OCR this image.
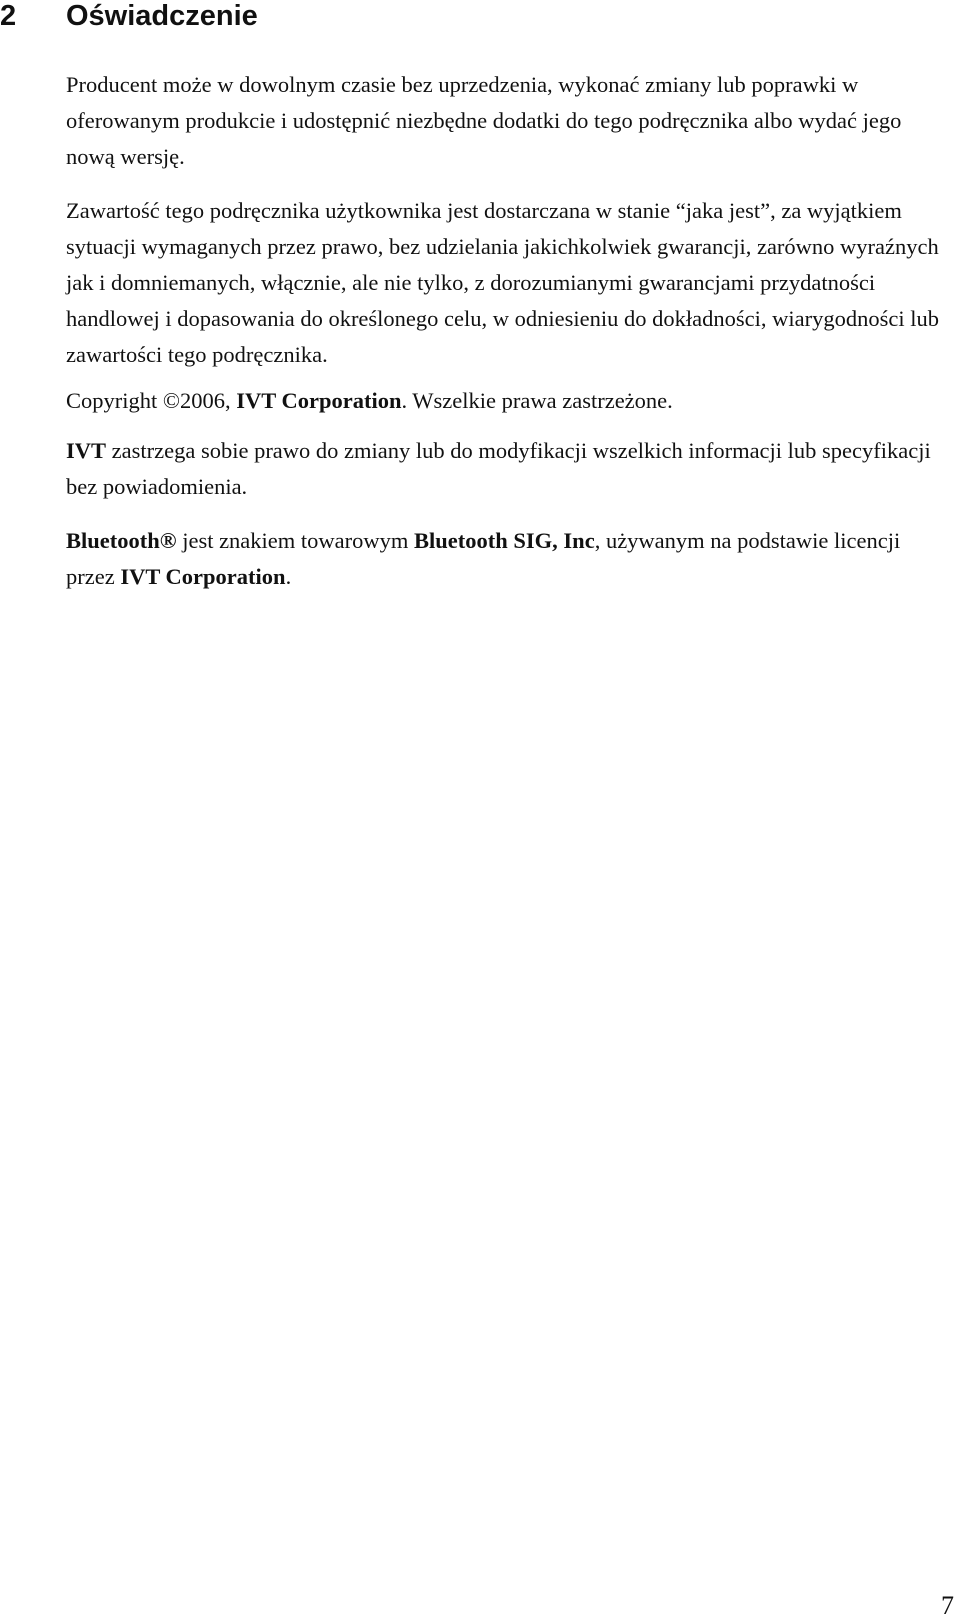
2 Oświadczenie

Producent może w dowolnym czasie bez uprzedzenia, wykonać zmiany lub poprawki w oferowanym produkcie i udostępnić niezbędne dodatki do tego podręcznika albo wydać jego nową wersję.

Zawartość tego podręcznika użytkownika jest dostarczana w stanie “jaka jest”, za wyjątkiem sytuacji wymaganych przez prawo, bez udzielania jakichkolwiek gwarancji, zarówno wyraźnych jak i domniemanych, włącznie, ale nie tylko, z dorozumianymi gwarancjami przydatności handlowej i dopasowania do określonego celu, w odniesieniu do dokładności, wiarygodności lub zawartości tego podręcznika.

Copyright ©2006, IVT Corporation. Wszelkie prawa zastrzeżone.

IVT zastrzega sobie prawo do zmiany lub do modyfikacji wszelkich informacji lub specyfikacji bez powiadomienia.

Bluetooth® jest znakiem towarowym Bluetooth SIG, Inc, używanym na podstawie licencji przez IVT Corporation.

7
